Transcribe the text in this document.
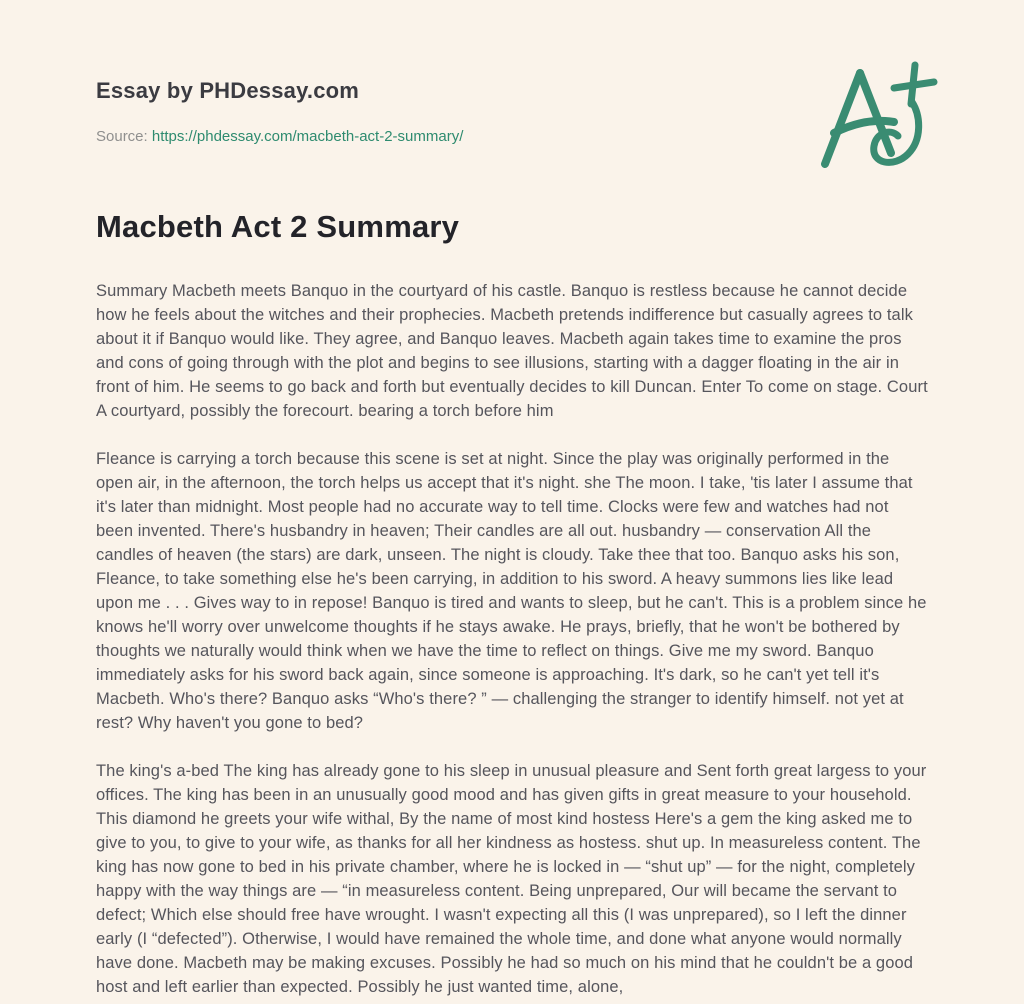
Essay by PHDessay.com
Source: https://phdessay.com/macbeth-act-2-summary/
Macbeth Act 2 Summary

Summary Macbeth meets Banquo in the courtyard of his castle. Banquo is restless because he cannot decide how he feels about the witches and their prophecies. Macbeth pretends indifference but casually agrees to talk about it if Banquo would like. They agree, and Banquo leaves. Macbeth again takes time to examine the pros and cons of going through with the plot and begins to see illusions, starting with a dagger floating in the air in front of him. He seems to go back and forth but eventually decides to kill Duncan. Enter To come on stage. Court A courtyard, possibly the forecourt. bearing a torch before him

Fleance is carrying a torch because this scene is set at night. Since the play was originally performed in the open air, in the afternoon, the torch helps us accept that it's night. she The moon. I take, 'tis later I assume that it's later than midnight. Most people had no accurate way to tell time. Clocks were few and watches had not been invented. There's husbandry in heaven; Their candles are all out. husbandry — conservation All the candles of heaven (the stars) are dark, unseen. The night is cloudy. Take thee that too. Banquo asks his son, Fleance, to take something else he's been carrying, in addition to his sword. A heavy summons lies like lead upon me . . . Gives way to in repose! Banquo is tired and wants to sleep, but he can't. This is a problem since he knows he'll worry over unwelcome thoughts if he stays awake. He prays, briefly, that he won't be bothered by thoughts we naturally would think when we have the time to reflect on things. Give me my sword. Banquo immediately asks for his sword back again, since someone is approaching. It's dark, so he can't yet tell it's Macbeth. Who's there? Banquo asks “Who's there? ” — challenging the stranger to identify himself. not yet at rest? Why haven't you gone to bed?

The king's a-bed The king has already gone to his sleep in unusual pleasure and Sent forth great largess to your offices. The king has been in an unusually good mood and has given gifts in great measure to your household. This diamond he greets your wife withal, By the name of most kind hostess Here's a gem the king asked me to give to you, to give to your wife, as thanks for all her kindness as hostess. shut up. In measureless content. The king has now gone to bed in his private chamber, where he is locked in — “shut up” — for the night, completely happy with the way things are — “in measureless content. Being unprepared, Our will became the servant to defect; Which else should free have wrought. I wasn't expecting all this (I was unprepared), so I left the dinner early (I “defected”). Otherwise, I would have remained the whole time, and done what anyone would normally have done. Macbeth may be making excuses. Possibly he had so much on his mind that he couldn't be a good host and left earlier than expected. Possibly he just wanted time, alone,
